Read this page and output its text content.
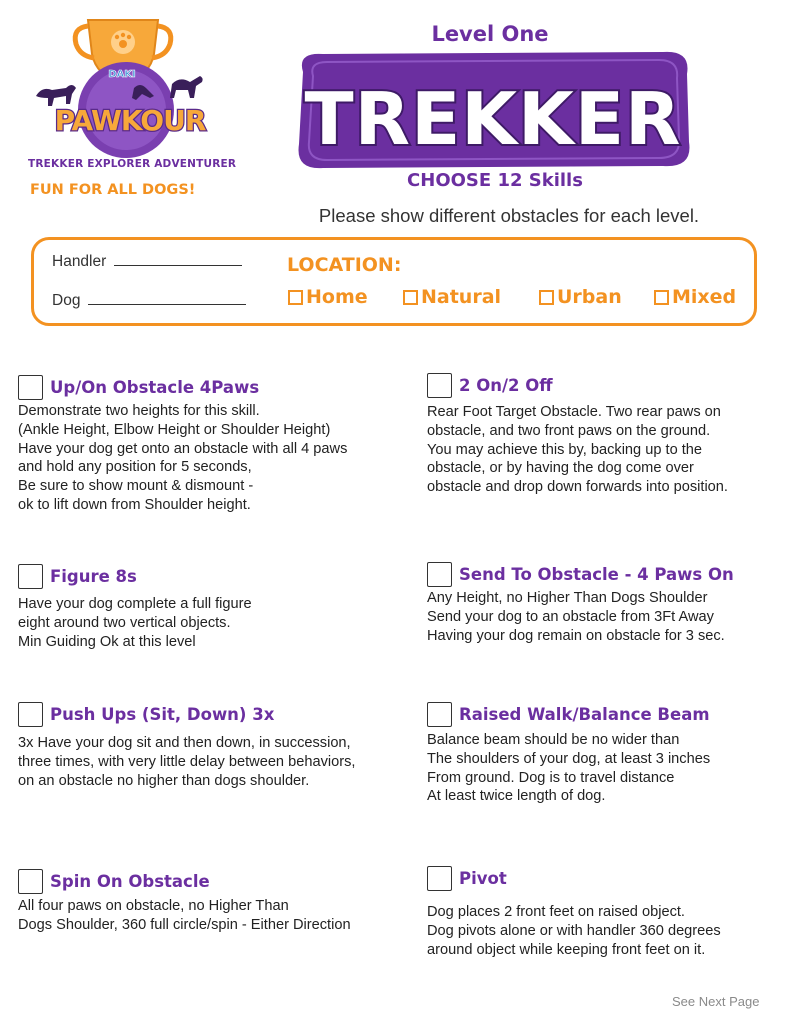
DAKI
PAWKOUR
TREKKER EXPLORER ADVENTURER
FUN FOR ALL DOGS!
Level One
TREKKER
CHOOSE 12 Skills
Please show different obstacles for each level.
Handler
Dog
LOCATION:
Home	Natural	Urban	Mixed
Up/On Obstacle 4Paws
Demonstrate two heights for this skill.
(Ankle Height, Elbow Height or Shoulder Height)
Have your dog get onto an obstacle with all 4 paws
and hold any position for 5 seconds,
Be sure to show mount & dismount -
ok to lift down from Shoulder height.
Figure 8s
Have your dog complete a full figure
eight around two vertical objects.
Min Guiding Ok at this level
Push Ups (Sit, Down) 3x
3x Have your dog sit and then down, in succession,
three times, with very little delay between behaviors,
on an obstacle no higher than dogs shoulder.
Spin On Obstacle
All four paws on obstacle, no Higher Than
Dogs Shoulder, 360 full circle/spin - Either Direction
2 On/2 Off
Rear Foot Target Obstacle. Two rear paws on
obstacle, and two front paws on the ground.
You may achieve this by, backing up to the
obstacle, or by having the dog come over
obstacle and drop down forwards into position.
Send To Obstacle - 4 Paws On
Any Height, no Higher Than Dogs Shoulder
Send your dog to an obstacle from 3Ft Away
Having your dog remain on obstacle for 3 sec.
Raised Walk/Balance Beam
Balance beam should be no wider than
The shoulders of your dog, at least 3 inches
From ground. Dog is to travel distance
At least twice length of dog.
Pivot
Dog places 2 front feet on raised object.
Dog pivots alone or with handler 360 degrees
around object while keeping front feet on it.
See Next Page
